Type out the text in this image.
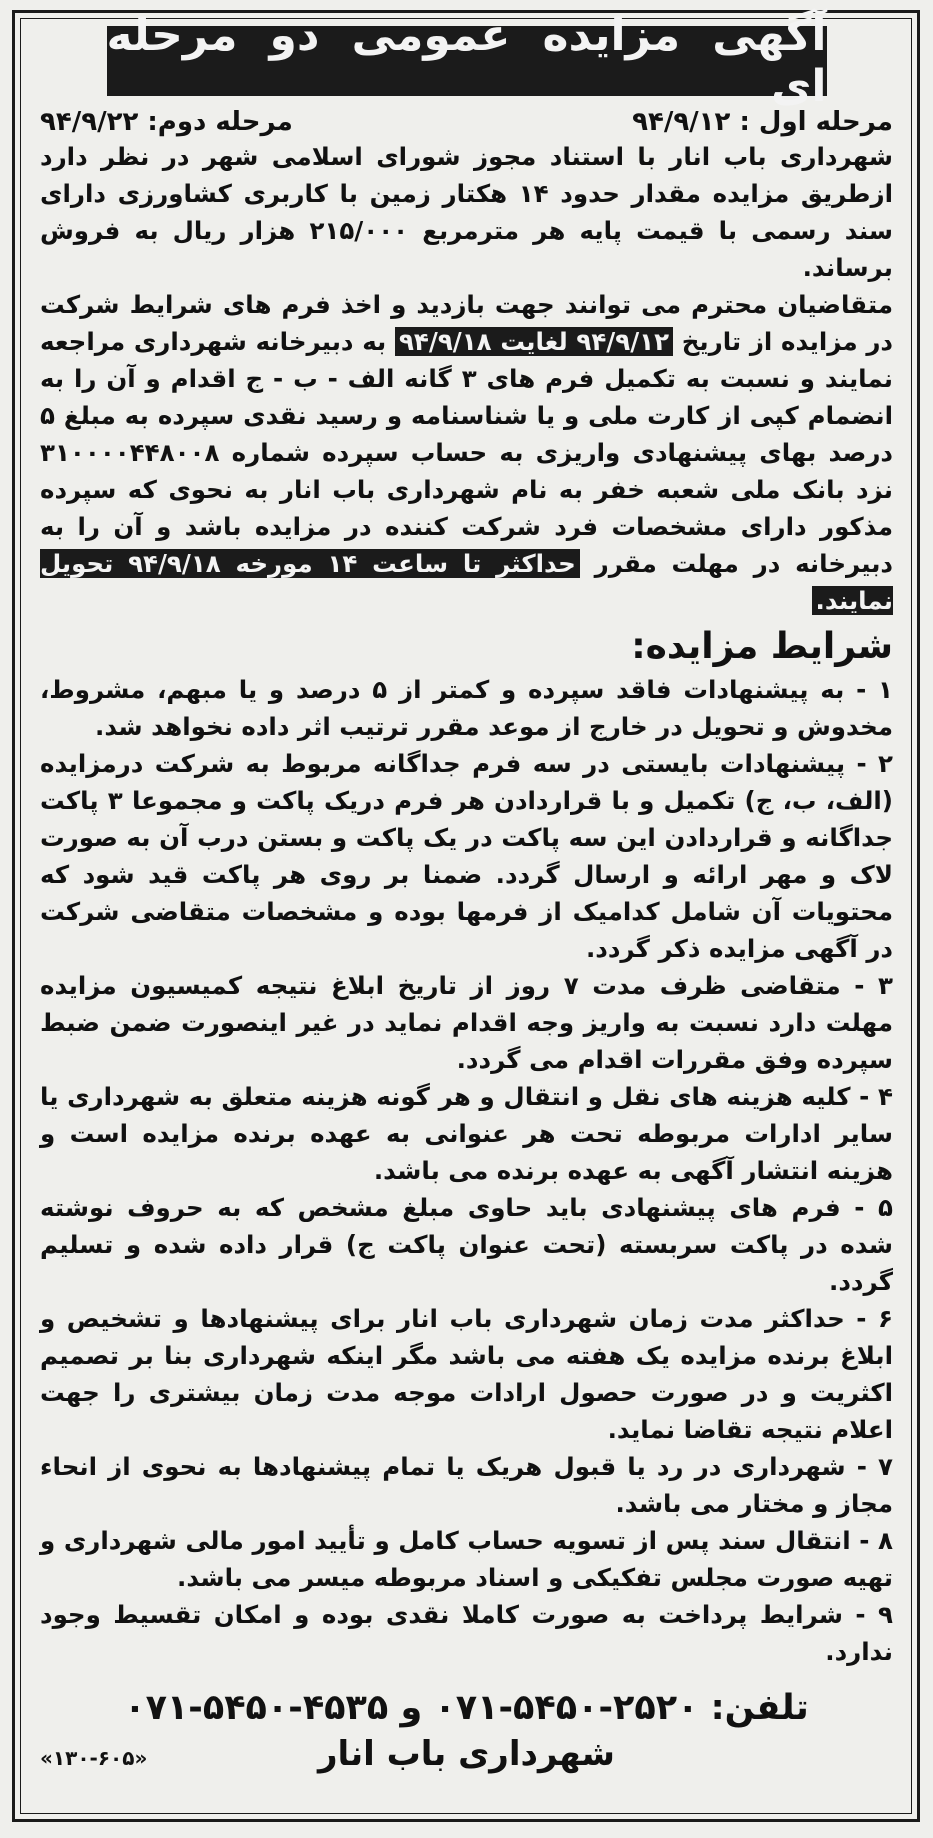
آگهی مزایده عمومی دو مرحله ای
مرحله اول : ۹۴/۹/۱۲
مرحله دوم: ۹۴/۹/۲۲

شهرداری باب انار با استناد مجوز شورای اسلامی شهر در نظر دارد ازطریق مزایده مقدار حدود ۱۴ هکتار زمین با کاربری کشاورزی دارای سند رسمی با قیمت پایه هر مترمربع ۲۱۵/۰۰۰ هزار ریال به فروش برساند.

متقاضیان محترم می توانند جهت بازدید و اخذ فرم های شرایط شرکت در مزایده از تاریخ ۹۴/۹/۱۲ لغایت ۹۴/۹/۱۸ به دبیرخانه شهرداری مراجعه نمایند و نسبت به تکمیل فرم های ۳ گانه الف - ب - ج اقدام و آن را به انضمام کپی از کارت ملی و یا شناسنامه و رسید نقدی سپرده به مبلغ ۵ درصد بهای پیشنهادی واریزی به حساب سپرده شماره ۳۱۰۰۰۰۴۴۸۰۰۸ نزد بانک ملی شعبه خفر به نام شهرداری باب انار به نحوی که سپرده مذکور دارای مشخصات فرد شرکت کننده در مزایده باشد و آن را به دبیرخانه در مهلت مقرر حداکثر تا ساعت ۱۴ مورخه ۹۴/۹/۱۸ تحویل نمایند.

شرایط مزایده:

۱ - به پیشنهادات فاقد سپرده و کمتر از ۵ درصد و یا مبهم، مشروط، مخدوش و تحویل در خارج از موعد مقرر ترتیب اثر داده نخواهد شد.

۲ - پیشنهادات بایستی در سه فرم جداگانه مربوط به شرکت درمزایده (الف، ب، ج) تکمیل و با قراردادن هر فرم دریک پاکت و مجموعا ۳ پاکت جداگانه و قراردادن این سه پاکت در یک پاکت و بستن درب آن به صورت لاک و مهر ارائه و ارسال گردد. ضمنا بر روی هر پاکت قید شود که محتویات آن شامل کدامیک از فرمها بوده و مشخصات متقاضی شرکت در آگهی مزایده ذکر گردد.

۳ - متقاضی ظرف مدت ۷ روز از تاریخ ابلاغ نتیجه کمیسیون مزایده مهلت دارد نسبت به واریز وجه اقدام نماید در غیر اینصورت ضمن ضبط سپرده وفق مقررات اقدام می گردد.

۴ - کلیه هزینه های نقل و انتقال و هر گونه هزینه متعلق به شهرداری یا سایر ادارات مربوطه تحت هر عنوانی به عهده برنده مزایده است و هزینه انتشار آگهی به عهده برنده می باشد.

۵ - فرم های پیشنهادی باید حاوی مبلغ مشخص که به حروف نوشته شده در پاکت سربسته (تحت عنوان پاکت ج) قرار داده شده و تسلیم گردد.

۶ - حداکثر مدت زمان شهرداری باب انار برای پیشنهادها و تشخیص و ابلاغ برنده مزایده یک هفته می باشد مگر اینکه شهرداری بنا بر تصمیم اکثریت و در صورت حصول ارادات موجه مدت زمان بیشتری را جهت اعلام نتیجه تقاضا نماید.

۷ - شهرداری در رد یا قبول هریک یا تمام پیشنهادها به نحوی از انحاء مجاز و مختار می باشد.

۸ - انتقال سند پس از تسویه حساب کامل و تأیید امور مالی شهرداری و تهیه صورت مجلس تفکیکی و اسناد مربوطه میسر می باشد.

۹ - شرایط پرداخت به صورت کاملا نقدی بوده و امکان تقسیط وجود ندارد.

تلفن: ۲۵۲۰-۵۴۵۰-۰۷۱ و ۴۵۳۵-۵۴۵۰-۰۷۱
شهرداری باب انار
«۱۳۰-۶۰۵»
